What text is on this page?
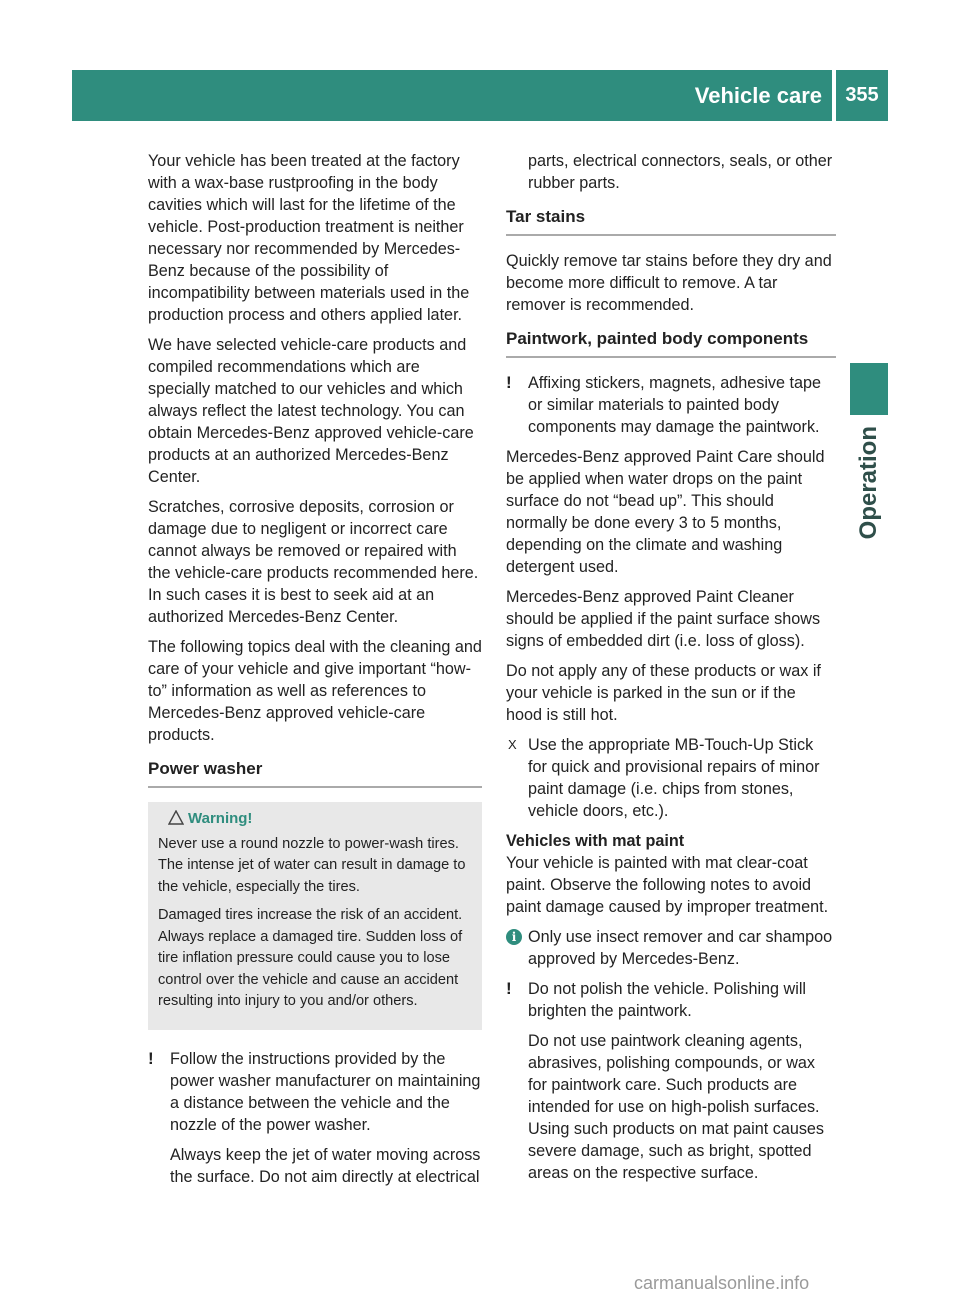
Vehicle care	355
Operation

Your vehicle has been treated at the factory with a wax-base rustproofing in the body cavities which will last for the lifetime of the vehicle. Post-production treatment is neither necessary nor recommended by Mercedes-Benz because of the possibility of incompatibility between materials used in the production process and others applied later.

We have selected vehicle-care products and compiled recommendations which are specially matched to our vehicles and which always reflect the latest technology. You can obtain Mercedes-Benz approved vehicle-care products at an authorized Mercedes-Benz Center.

Scratches, corrosive deposits, corrosion or damage due to negligent or incorrect care cannot always be removed or repaired with the vehicle-care products recommended here. In such cases it is best to seek aid at an authorized Mercedes-Benz Center.

The following topics deal with the cleaning and care of your vehicle and give important “how-to” information as well as references to Mercedes-Benz approved vehicle-care products.

Power washer
Warning!

Never use a round nozzle to power-wash tires. The intense jet of water can result in damage to the vehicle, especially the tires.

Damaged tires increase the risk of an accident. Always replace a damaged tire. Sudden loss of tire inflation pressure could cause you to lose control over the vehicle and cause an accident resulting into injury to you and/or others.

! Follow the instructions provided by the power washer manufacturer on maintaining a distance between the vehicle and the nozzle of the power washer.

Always keep the jet of water moving across the surface. Do not aim directly at electrical

parts, electrical connectors, seals, or other rubber parts.

Tar stains

Quickly remove tar stains before they dry and become more difficult to remove. A tar remover is recommended.

Paintwork, painted body components
! Affixing stickers, magnets, adhesive tape or similar materials to painted body components may damage the paintwork.

Mercedes-Benz approved Paint Care should be applied when water drops on the paint surface do not “bead up”. This should normally be done every 3 to 5 months, depending on the climate and washing detergent used.

Mercedes-Benz approved Paint Cleaner should be applied if the paint surface shows signs of embedded dirt (i.e. loss of gloss).

Do not apply any of these products or wax if your vehicle is parked in the sun or if the hood is still hot.

X Use the appropriate MB-Touch-Up Stick for quick and provisional repairs of minor paint damage (i.e. chips from stones, vehicle doors, etc.).
Vehicles with mat paint

Your vehicle is painted with mat clear-coat paint. Observe the following notes to avoid paint damage caused by improper treatment.

i Only use insect remover and car shampoo approved by Mercedes-Benz.

! Do not polish the vehicle. Polishing will brighten the paintwork.

Do not use paintwork cleaning agents, abrasives, polishing compounds, or wax for paintwork care. Such products are intended for use on high-polish surfaces. Using such products on mat paint causes severe damage, such as bright, spotted areas on the respective surface.

carmanualsonline.info
